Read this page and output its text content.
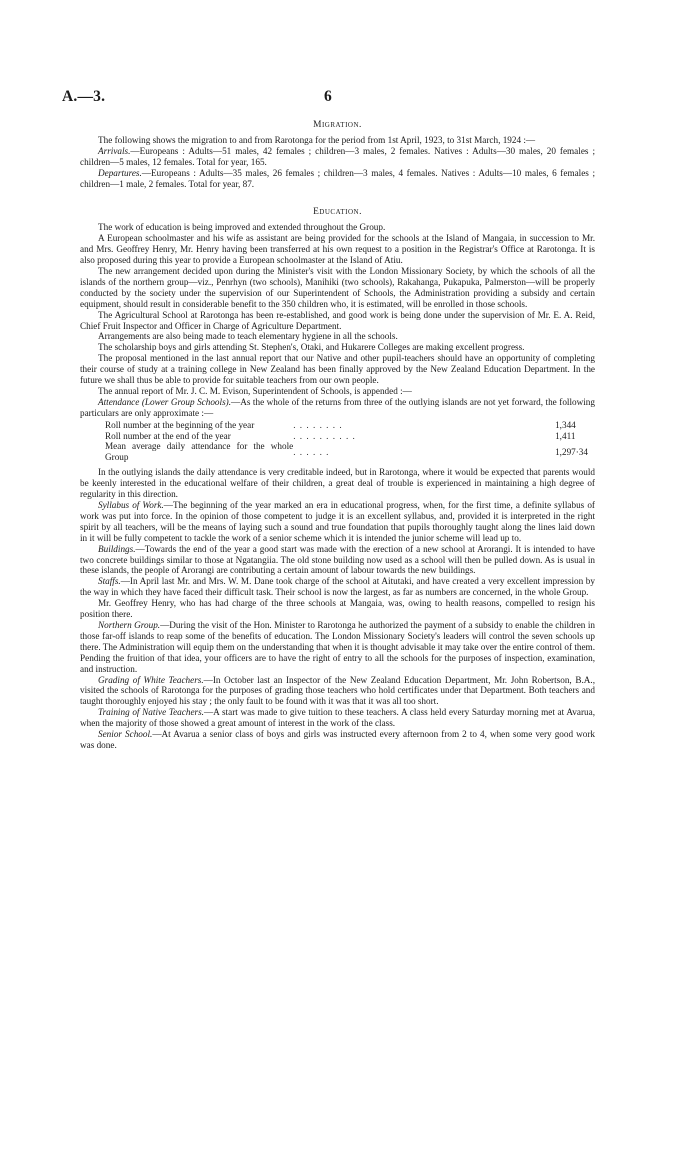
A.—3.	6
Migration.

The following shows the migration to and from Rarotonga for the period from 1st April, 1923, to 31st March, 1924 :—

Arrivals.—Europeans : Adults—51 males, 42 females ; children—3 males, 2 females. Natives : Adults—30 males, 20 females ; children—5 males, 12 females. Total for year, 165.

Departures.—Europeans : Adults—35 males, 26 females ; children—3 males, 4 females. Natives : Adults—10 males, 6 females ; children—1 male, 2 females. Total for year, 87.

Education.

The work of education is being improved and extended throughout the Group.

A European schoolmaster and his wife as assistant are being provided for the schools at the Island of Mangaia, in succession to Mr. and Mrs. Geoffrey Henry, Mr. Henry having been transferred at his own request to a position in the Registrar's Office at Rarotonga. It is also proposed during this year to provide a European schoolmaster at the Island of Atiu.

The new arrangement decided upon during the Minister's visit with the London Missionary Society, by which the schools of all the islands of the northern group—viz., Penrhyn (two schools), Manihiki (two schools), Rakahanga, Pukapuka, Palmerston—will be properly conducted by the society under the supervision of our Superintendent of Schools, the Administration providing a subsidy and certain equipment, should result in considerable benefit to the 350 children who, it is estimated, will be enrolled in those schools.

The Agricultural School at Rarotonga has been re-established, and good work is being done under the supervision of Mr. E. A. Reid, Chief Fruit Inspector and Officer in Charge of Agriculture Department.

Arrangements are also being made to teach elementary hygiene in all the schools.

The scholarship boys and girls attending St. Stephen's, Otaki, and Hukarere Colleges are making excellent progress.

The proposal mentioned in the last annual report that our Native and other pupil-teachers should have an opportunity of completing their course of study at a training college in New Zealand has been finally approved by the New Zealand Education Department. In the future we shall thus be able to provide for suitable teachers from our own people.

The annual report of Mr. J. C. M. Evison, Superintendent of Schools, is appended :—

Attendance (Lower Group Schools).—As the whole of the returns from three of the outlying islands are not yet forward, the following particulars are only approximate :—

Roll number at the beginning of the year	. . . . . . . .	1,344
Roll number at the end of the year	. . . . . . . . . .	1,411
Mean average daily attendance for the whole Group	. . . . . .	1,297·34

In the outlying islands the daily attendance is very creditable indeed, but in Rarotonga, where it would be expected that parents would be keenly interested in the educational welfare of their children, a great deal of trouble is experienced in maintaining a high degree of regularity in this direction.

Syllabus of Work.—The beginning of the year marked an era in educational progress, when, for the first time, a definite syllabus of work was put into force. In the opinion of those competent to judge it is an excellent syllabus, and, provided it is interpreted in the right spirit by all teachers, will be the means of laying such a sound and true foundation that pupils thoroughly taught along the lines laid down in it will be fully competent to tackle the work of a senior scheme which it is intended the junior scheme will lead up to.

Buildings.—Towards the end of the year a good start was made with the erection of a new school at Arorangi. It is intended to have two concrete buildings similar to those at Ngatangiia. The old stone building now used as a school will then be pulled down. As is usual in these islands, the people of Arorangi are contributing a certain amount of labour towards the new buildings.

Staffs.—In April last Mr. and Mrs. W. M. Dane took charge of the school at Aitutaki, and have created a very excellent impression by the way in which they have faced their difficult task. Their school is now the largest, as far as numbers are concerned, in the whole Group.

Mr. Geoffrey Henry, who has had charge of the three schools at Mangaia, was, owing to health reasons, compelled to resign his position there.

Northern Group.—During the visit of the Hon. Minister to Rarotonga he authorized the payment of a subsidy to enable the children in those far-off islands to reap some of the benefits of education. The London Missionary Society's leaders will control the seven schools up there. The Administration will equip them on the understanding that when it is thought advisable it may take over the entire control of them. Pending the fruition of that idea, your officers are to have the right of entry to all the schools for the purposes of inspection, examination, and instruction.

Grading of White Teachers.—In October last an Inspector of the New Zealand Education Department, Mr. John Robertson, B.A., visited the schools of Rarotonga for the purposes of grading those teachers who hold certificates under that Department. Both teachers and taught thoroughly enjoyed his stay ; the only fault to be found with it was that it was all too short.

Training of Native Teachers.—A start was made to give tuition to these teachers. A class held every Saturday morning met at Avarua, when the majority of those showed a great amount of interest in the work of the class.

Senior School.—At Avarua a senior class of boys and girls was instructed every afternoon from 2 to 4, when some very good work was done.
